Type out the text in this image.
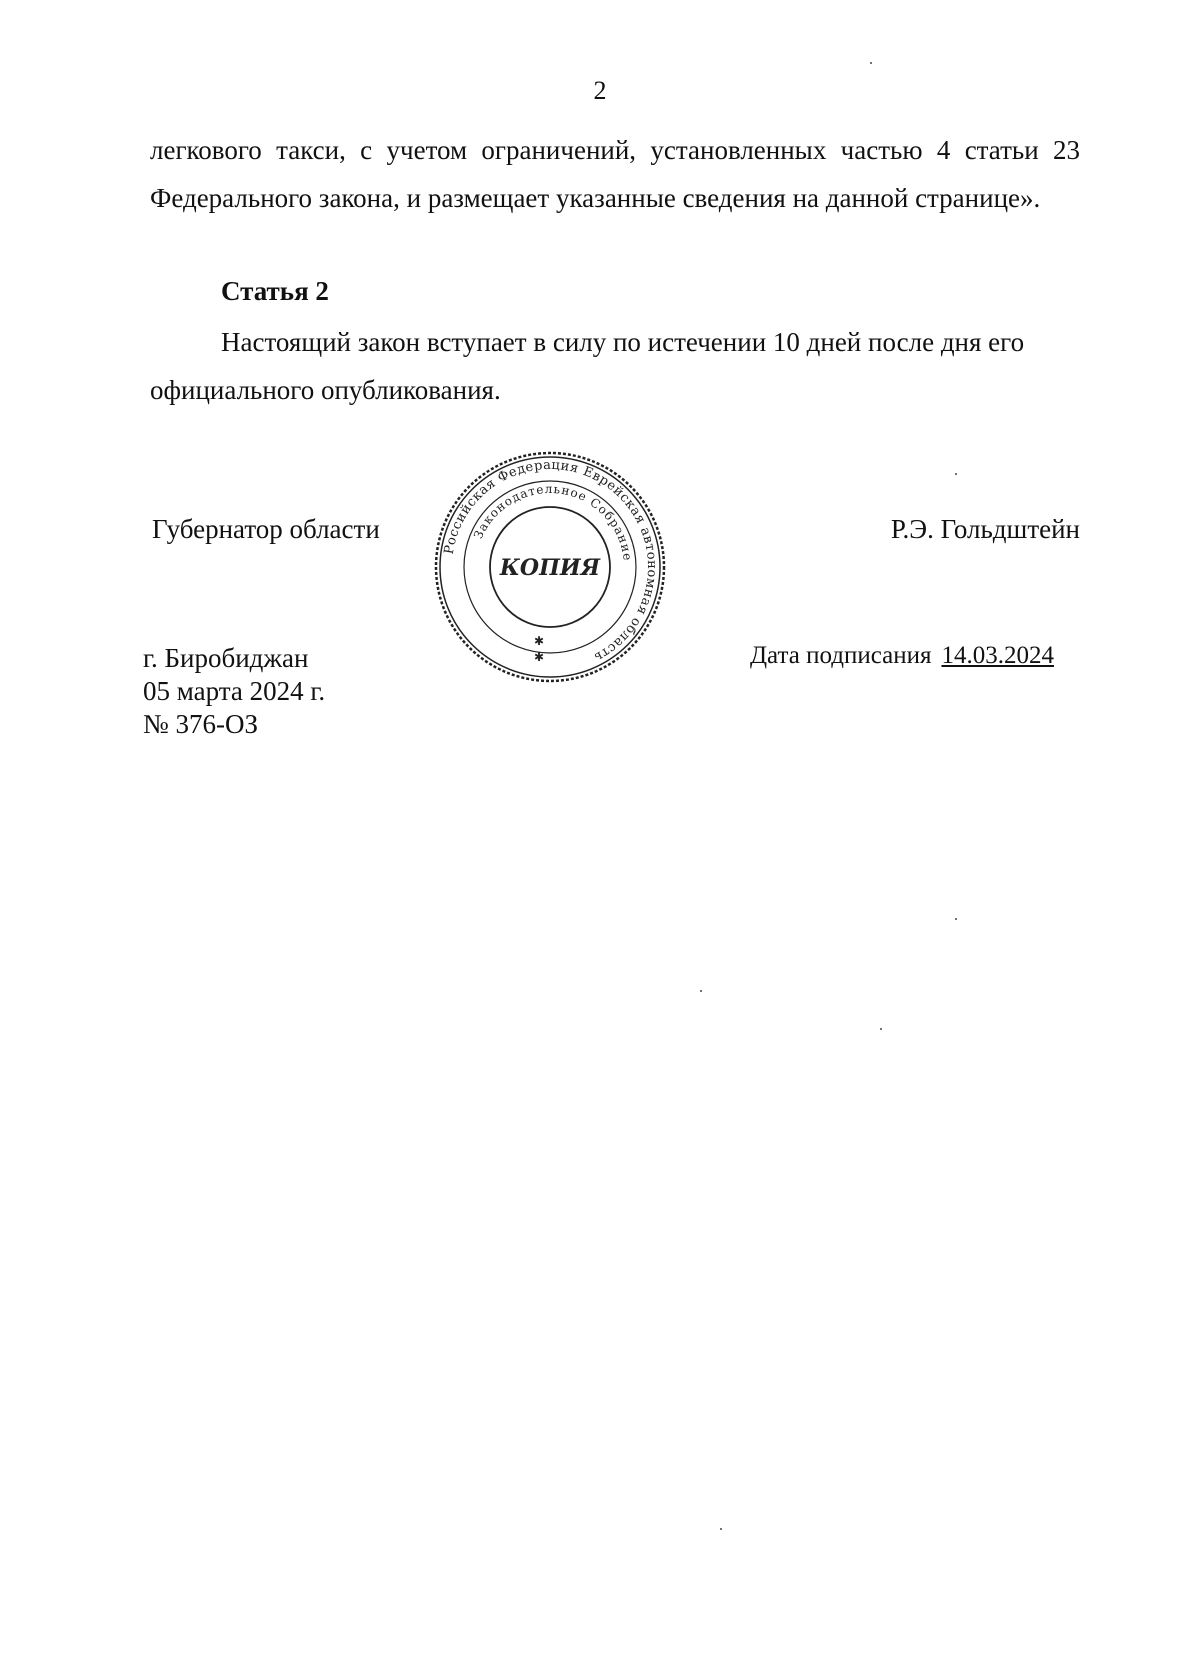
2

легкового такси, с учетом ограничений, установленных частью 4 статьи 23
Федерального закона, и размещает указанные сведения на данной странице».

Статья 2

Настоящий закон вступает в силу по истечении 10 дней после дня его официального опубликования.

Губернатор области	Р.Э. Гольдштейн
Российская Федерация Еврейская автономная область
Законодательное Собрание
КОПИЯ
✱
✱
г. Биробиджан
05 марта 2024 г.
№ 376-ОЗ
Дата подписания 14.03.2024
